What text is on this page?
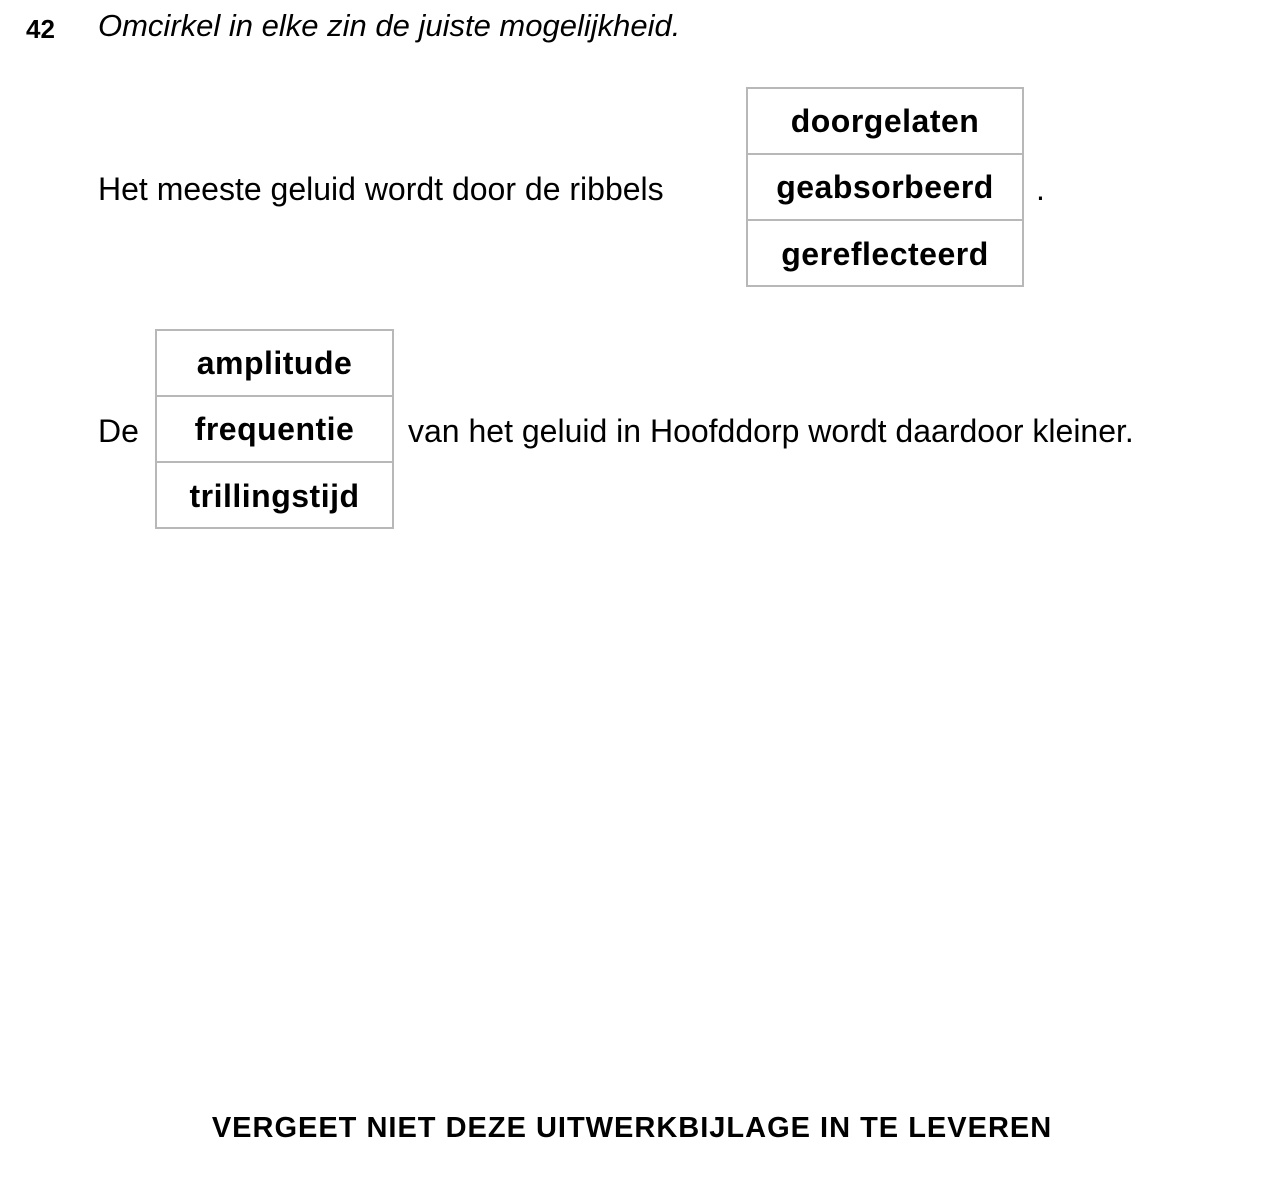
42 Omcirkel in elke zin de juiste mogelijkheid.
Het meeste geluid wordt door de ribbels
doorgelaten
geabsorbeerd
gereflecteerd
.
De
amplitude
frequentie
trillingstijd
van het geluid in Hoofddorp wordt daardoor kleiner.
VERGEET NIET DEZE UITWERKBIJLAGE IN TE LEVEREN
